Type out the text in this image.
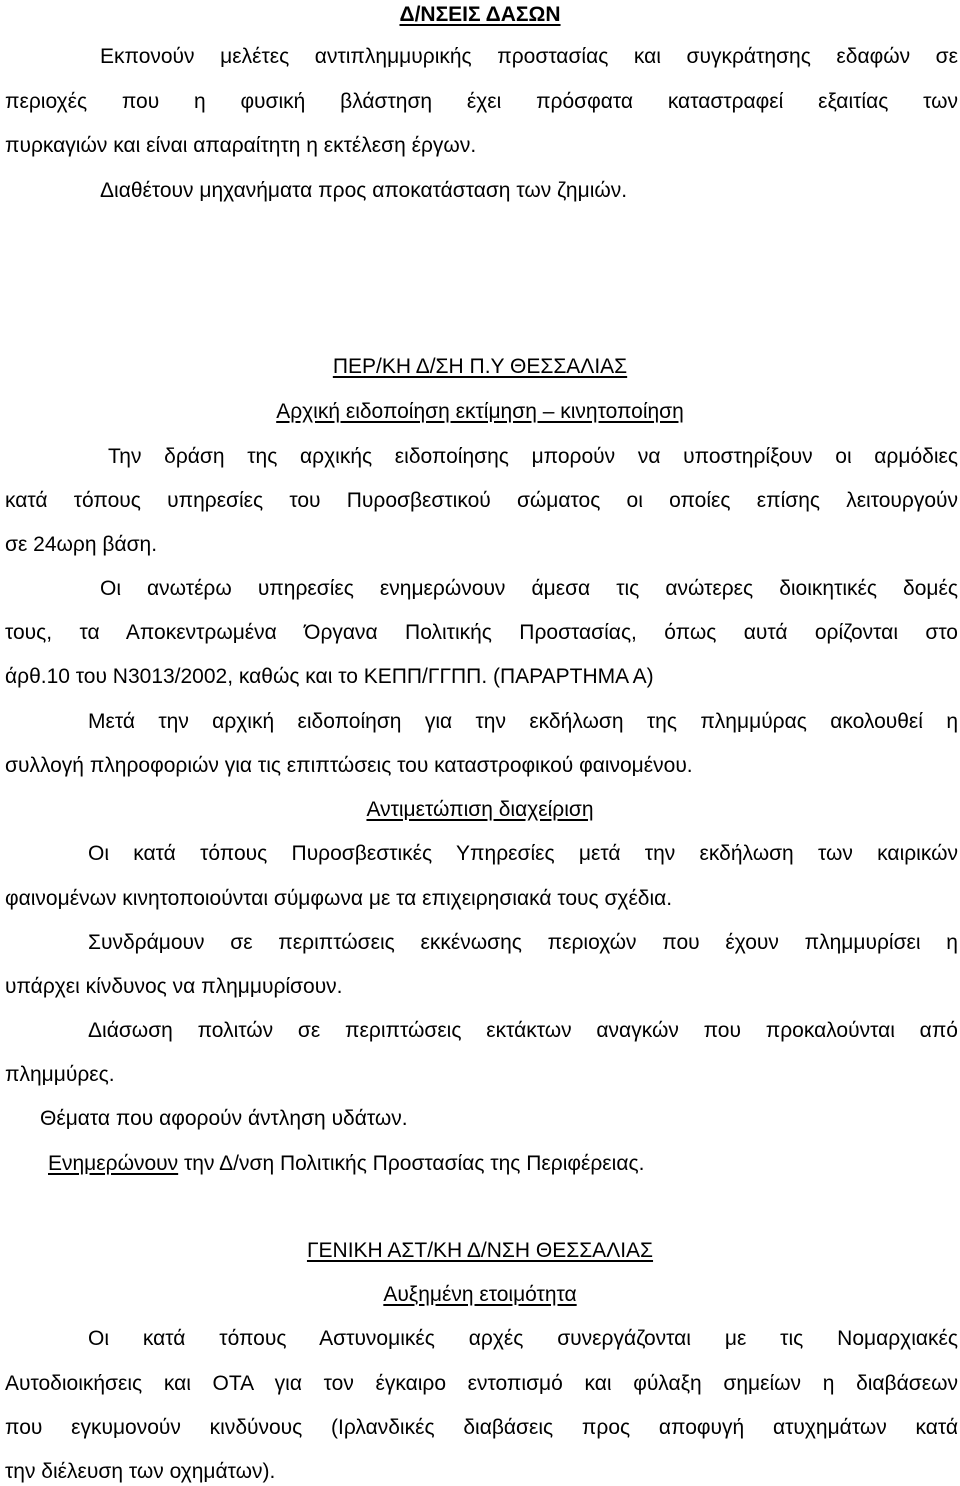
Δ/ΝΣΕΙΣ ΔΑΣΩΝ
Εκπονούν μελέτες αντιπλημμυρικής προστασίας και συγκράτησης εδαφών σε
περιοχές που η φυσική βλάστηση έχει πρόσφατα καταστραφεί εξαιτίας των
πυρκαγιών και είναι απαραίτητη η εκτέλεση έργων.
Διαθέτουν μηχανήματα προς αποκατάσταση των ζημιών.
ΠΕΡ/ΚΗ Δ/ΣΗ Π.Υ ΘΕΣΣΑΛΙΑΣ
Αρχική ειδοποίηση εκτίμηση – κινητοποίηση
Την δράση της αρχικής ειδοποίησης μπορούν να υποστηρίξουν οι αρμόδιες
κατά τόπους υπηρεσίες του Πυροσβεστικού σώματος οι οποίες επίσης λειτουργούν
σε 24ωρη βάση.
Οι ανωτέρω υπηρεσίες ενημερώνουν άμεσα τις ανώτερες διοικητικές δομές
τους, τα Αποκεντρωμένα Όργανα Πολιτικής Προστασίας, όπως αυτά ορίζονται στο
άρθ.10 του Ν3013/2002, καθώς και το ΚΕΠΠ/ΓΓΠΠ. (ΠΑΡΑΡΤΗΜΑ Α)
Μετά την αρχική ειδοποίηση για την εκδήλωση της πλημμύρας ακολουθεί η
συλλογή πληροφοριών για τις επιπτώσεις του καταστροφικού φαινομένου.
Αντιμετώπιση διαχείριση
Οι κατά τόπους Πυροσβεστικές Υπηρεσίες μετά την εκδήλωση των καιρικών
φαινομένων κινητοποιούνται σύμφωνα με τα επιχειρησιακά τους σχέδια.
Συνδράμουν σε περιπτώσεις εκκένωσης περιοχών που έχουν πλημμυρίσει η
υπάρχει κίνδυνος να πλημμυρίσουν.
Διάσωση πολιτών σε περιπτώσεις εκτάκτων αναγκών που προκαλούνται από
πλημμύρες.
Θέματα που αφορούν άντληση υδάτων.
Ενημερώνουν την Δ/νση Πολιτικής Προστασίας της Περιφέρειας.
ΓΕΝΙΚΗ ΑΣΤ/ΚΗ Δ/ΝΣΗ ΘΕΣΣΑΛΙΑΣ
Αυξημένη ετοιμότητα
Οι κατά τόπους Αστυνομικές αρχές συνεργάζονται με τις Νομαρχιακές
Αυτοδιοικήσεις και ΟΤΑ για τον έγκαιρο εντοπισμό και φύλαξη σημείων η διαβάσεων
που εγκυμονούν κινδύνους (Ιρλανδικές διαβάσεις προς αποφυγή ατυχημάτων κατά
την διέλευση των οχημάτων).
